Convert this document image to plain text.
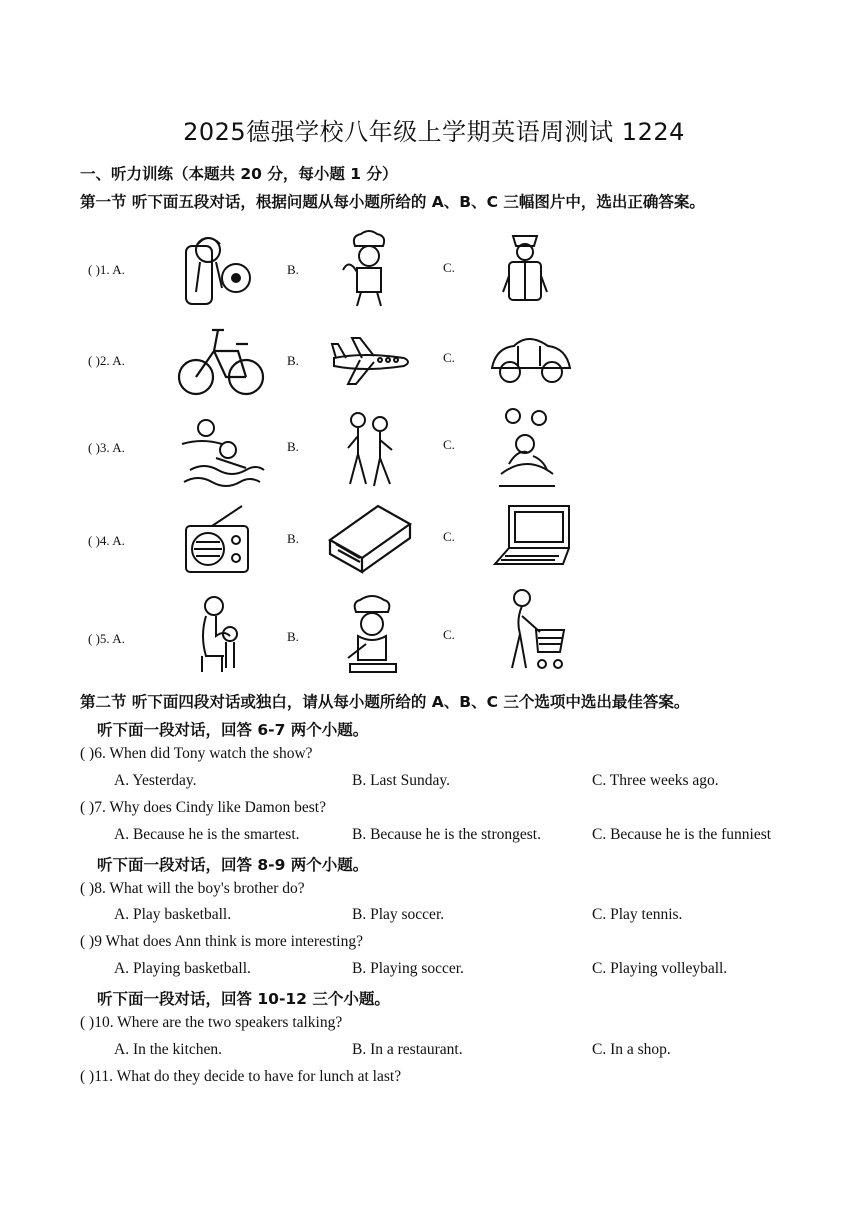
2025德强学校八年级上学期英语周测试 1224
一、听力训练（本题共 20 分，每小题 1 分）
第一节 听下面五段对话，根据问题从每小题所给的 A、B、C 三幅图片中，选出正确答案。
( )1. A.	B.	C.
( )2. A.	B.	C.
( )3. A.	B.	C.
( )4. A.	B.	C.
( )5. A.	B.	C.
第二节 听下面四段对话或独白，请从每小题所给的 A、B、C 三个选项中选出最佳答案。
听下面一段对话，回答 6-7 两个小题。
( )6. When did Tony watch the show?
A. Yesterday.	B. Last Sunday.	C. Three weeks ago.
( )7. Why does Cindy like Damon best?
A. Because he is the smartest.	B. Because he is the strongest.	C. Because he is the funniest
听下面一段对话，回答 8-9 两个小题。
( )8. What will the boy's brother do?
A. Play basketball.	B. Play soccer.	C. Play tennis.
( )9 What does Ann think is more interesting?
A. Playing basketball.	B. Playing soccer.	C. Playing volleyball.
听下面一段对话，回答 10-12 三个小题。
( )10. Where are the two speakers talking?
A. In the kitchen.	B. In a restaurant.	C. In a shop.
( )11. What do they decide to have for lunch at last?
